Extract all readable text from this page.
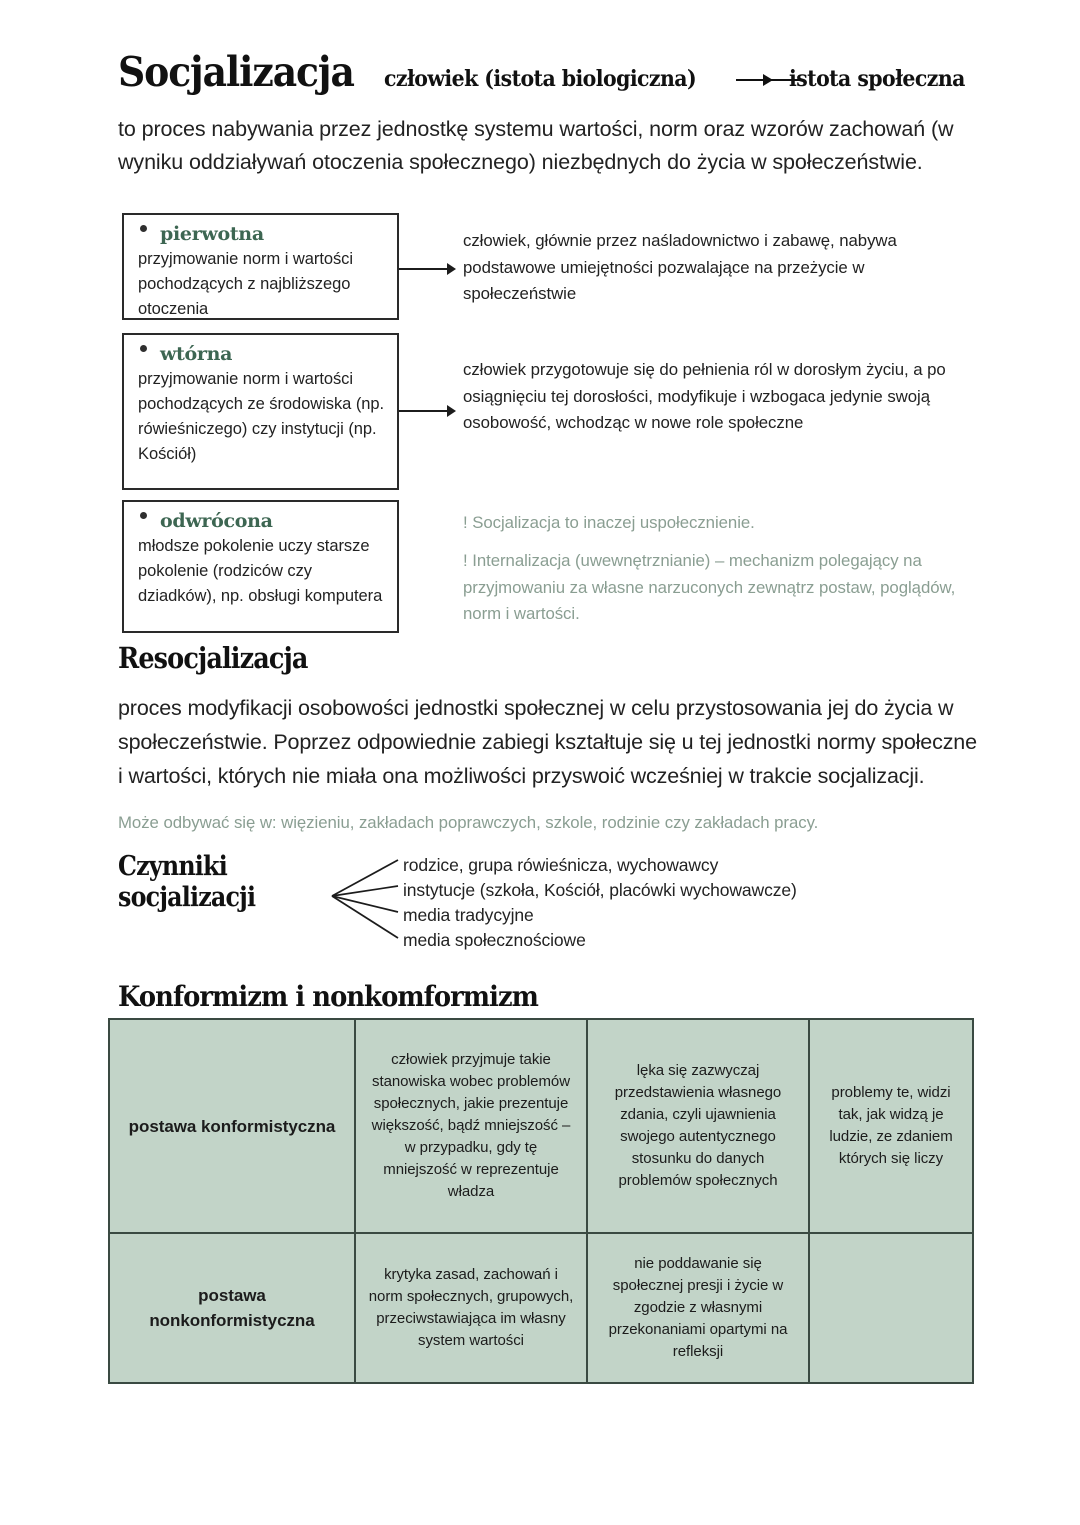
Socjalizacja człowiek (istota biologiczna)	istota społeczna
to proces nabywania przez jednostkę systemu wartości, norm oraz wzorów zachowań (w wyniku oddziaływań otoczenia społecznego) niezbędnych do życia w społeczeństwie.
pierwotna
przyjmowanie norm i wartości pochodzących z najbliższego otoczenia
człowiek, głównie przez naśladownictwo i zabawę, nabywa podstawowe umiejętności pozwalające na przeżycie w społeczeństwie
wtórna
przyjmowanie norm i wartości pochodzących ze środowiska (np. rówieśniczego) czy instytucji (np. Kościół)
człowiek przygotowuje się do pełnienia ról w dorosłym życiu, a po osiągnięciu tej dorosłości, modyfikuje i wzbogaca jedynie swoją osobowość, wchodząc w nowe role społeczne
odwrócona
młodsze pokolenie uczy starsze pokolenie (rodziców czy dziadków), np. obsługi komputera
! Socjalizacja to inaczej uspołecznienie.
! Internalizacja (uwewnętrznianie) – mechanizm polegający na przyjmowaniu za własne narzuconych zewnątrz postaw, poglądów, norm i wartości.
Resocjalizacja
proces modyfikacji osobowości jednostki społecznej w celu przystosowania jej do życia w społeczeństwie. Poprzez odpowiednie zabiegi kształtuje się u tej jednostki normy społeczne i wartości, których nie miała ona możliwości przyswoić wcześniej w trakcie socjalizacji.
Może odbywać się w: więzieniu, zakładach poprawczych, szkole, rodzinie czy zakładach pracy.
Czynniki
socjalizacji
rodzice, grupa rówieśnicza, wychowawcy
instytucje (szkoła, Kościół, placówki wychowawcze)
media tradycyjne
media społecznościowe
Konformizm i nonkomformizm
postawa konformistyczna	człowiek przyjmuje takie stanowiska wobec problemów społecznych, jakie prezentuje większość, bądź mniejszość – w przypadku, gdy tę mniejszość w reprezentuje władza	lęka się zazwyczaj przedstawienia własnego zdania, czyli ujawnienia swojego autentycznego stosunku do danych problemów społecznych	problemy te, widzi tak, jak widzą je ludzie, ze zdaniem których się liczy
postawa nonkonformistyczna	krytyka zasad, zachowań i norm społecznych, grupowych, przeciwstawiająca im własny system wartości	nie poddawanie się społecznej presji i życie w zgodzie z własnymi przekonaniami opartymi na refleksji	
